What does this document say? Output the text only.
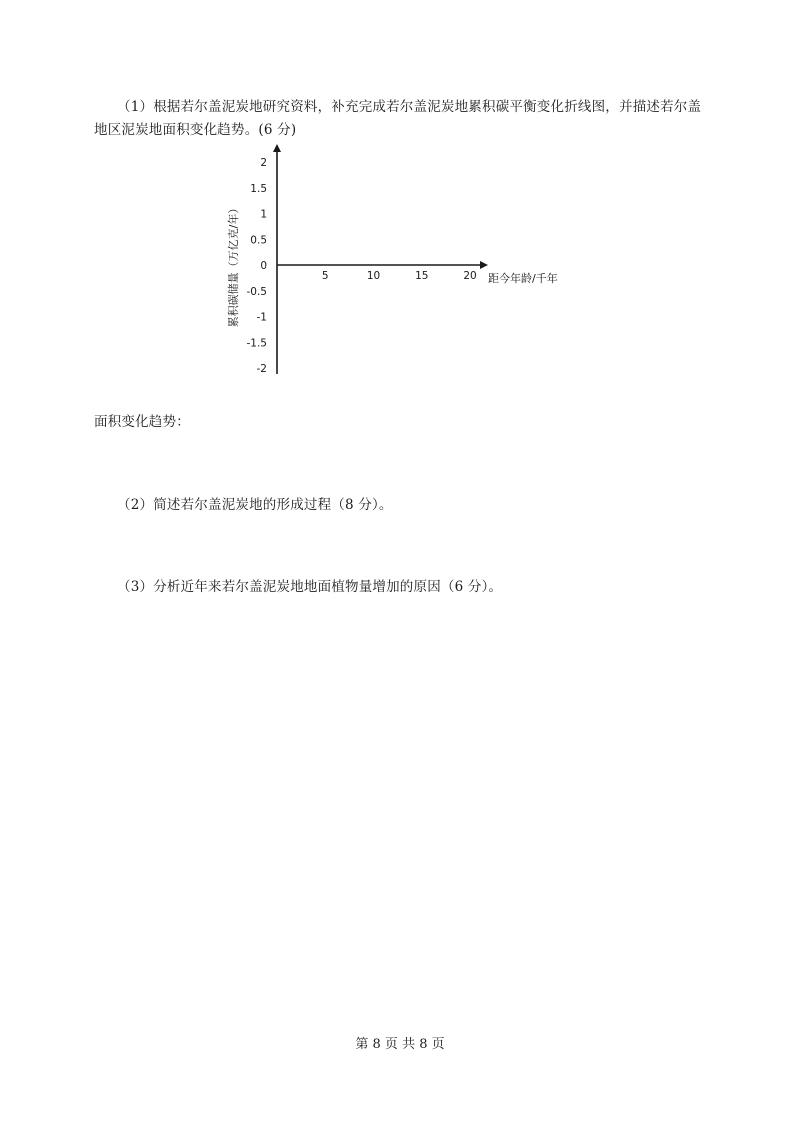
（1）根据若尔盖泥炭地研究资料，补充完成若尔盖泥炭地累积碳平衡变化折线图，并描述若尔盖
地区泥炭地面积变化趋势。(6 分)
2
1.5
1
0.5
0
-0.5
-1
-1.5
-2
5	10	15	20 距今年龄/千年
累积碳储量（万亿克/年）
面积变化趋势：
（2）简述若尔盖泥炭地的形成过程（8 分）。
（3）分析近年来若尔盖泥炭地地面植物量增加的原因（6 分）。
第 8 页 共 8 页
